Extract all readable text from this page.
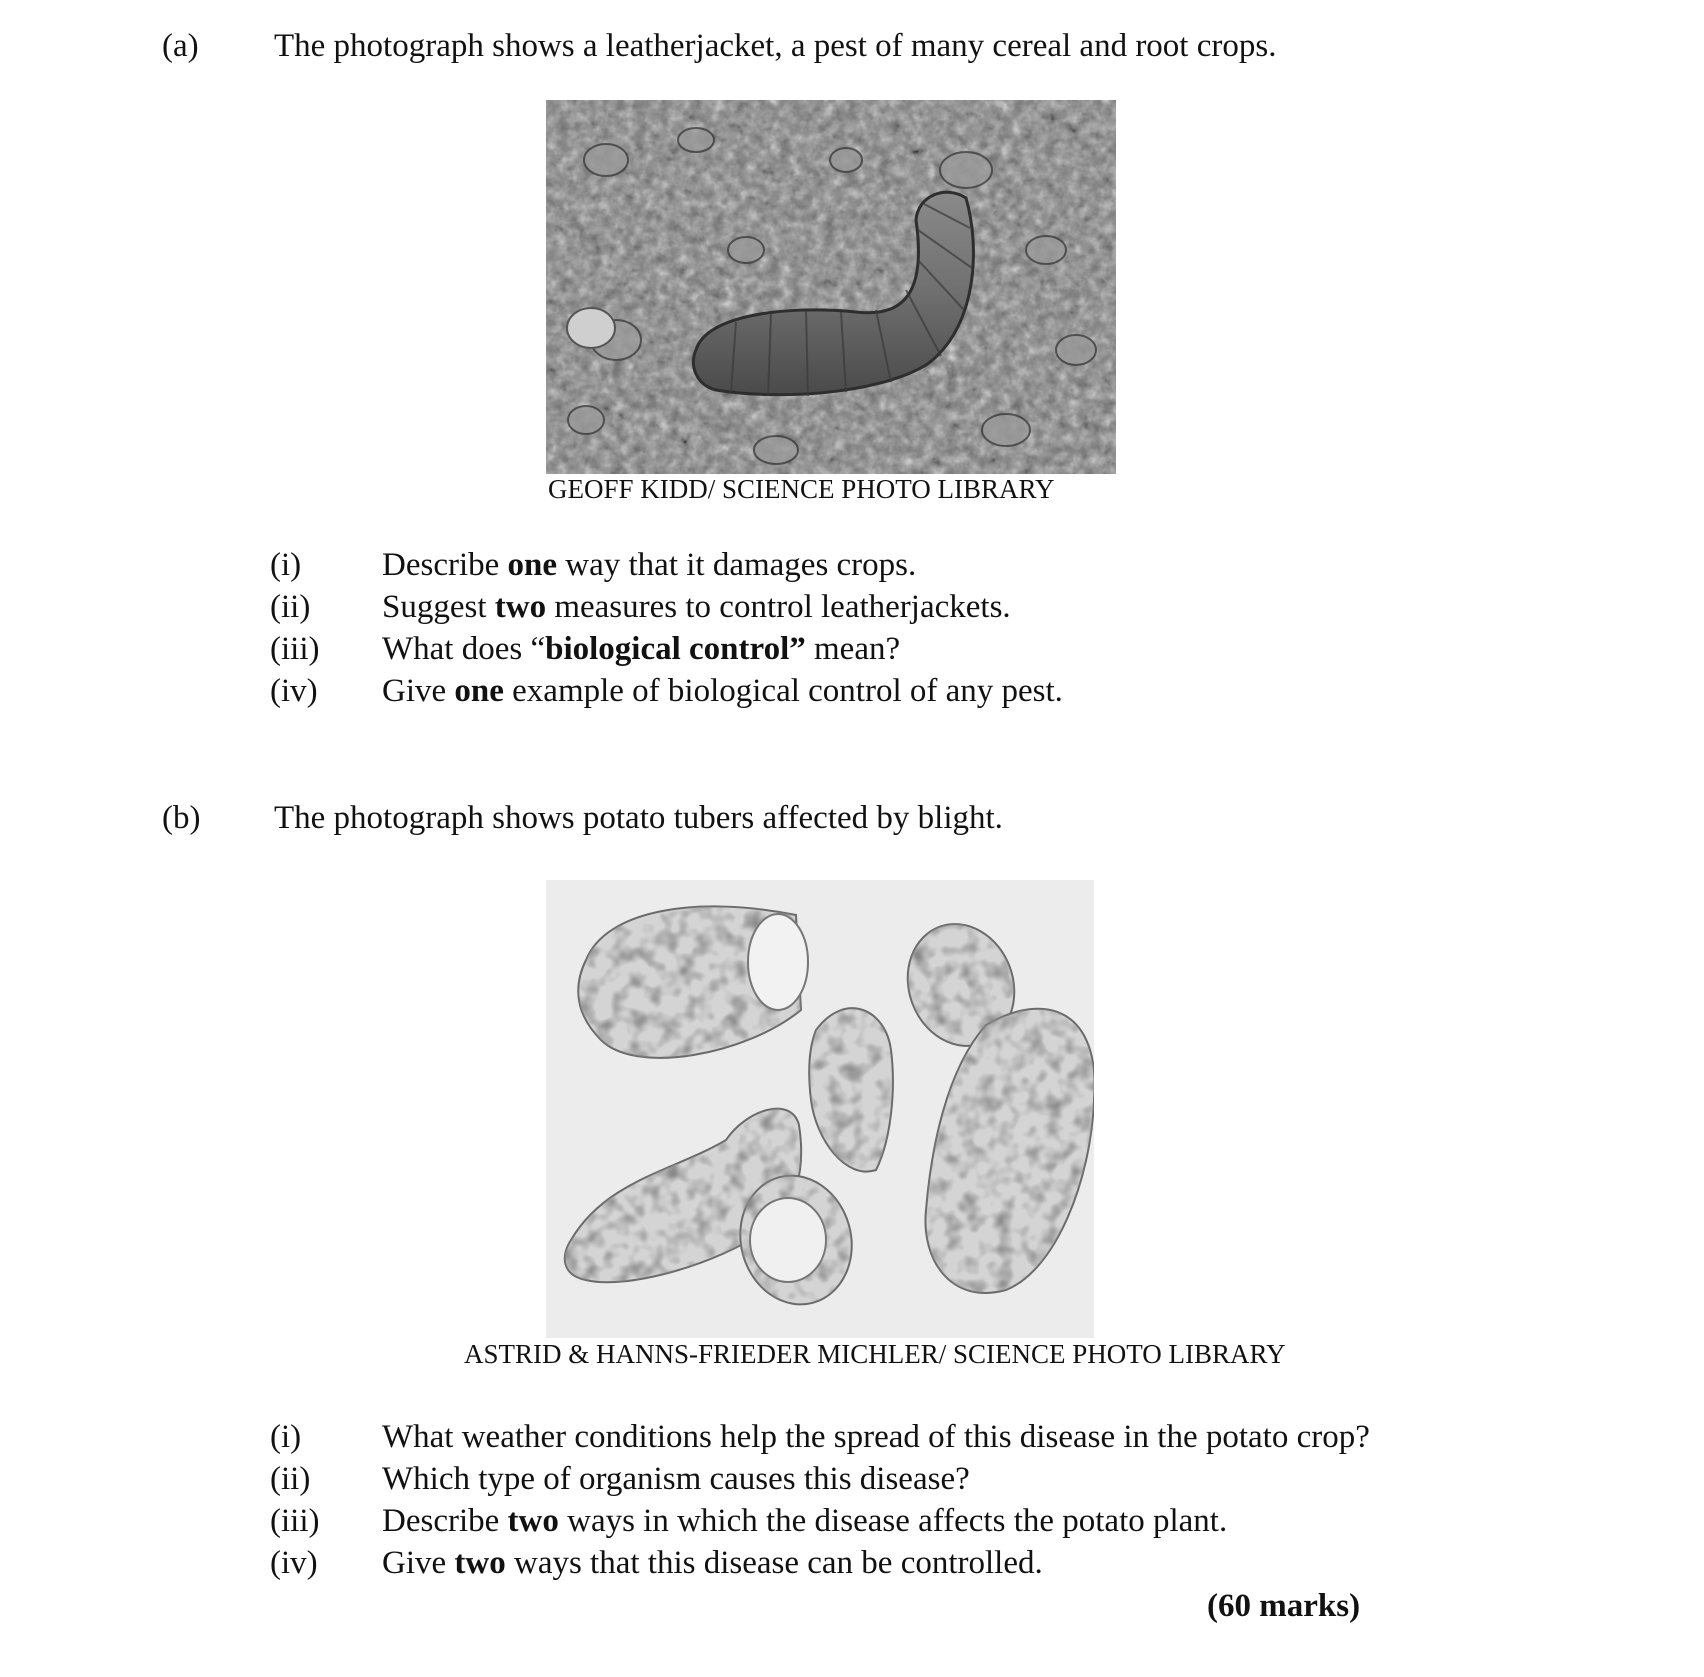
(a) The photograph shows a leatherjacket, a pest of many cereal and root crops.
GEOFF KIDD/ SCIENCE PHOTO LIBRARY
(i) Describe one way that it damages crops.
(ii) Suggest two measures to control leatherjackets.
(iii) What does “biological control” mean?
(iv) Give one example of biological control of any pest.
(b) The photograph shows potato tubers affected by blight.
ASTRID & HANNS-FRIEDER MICHLER/ SCIENCE PHOTO LIBRARY
(i) What weather conditions help the spread of this disease in the potato crop?
(ii) Which type of organism causes this disease?
(iii) Describe two ways in which the disease affects the potato plant.
(iv) Give two ways that this disease can be controlled.
(60 marks)
